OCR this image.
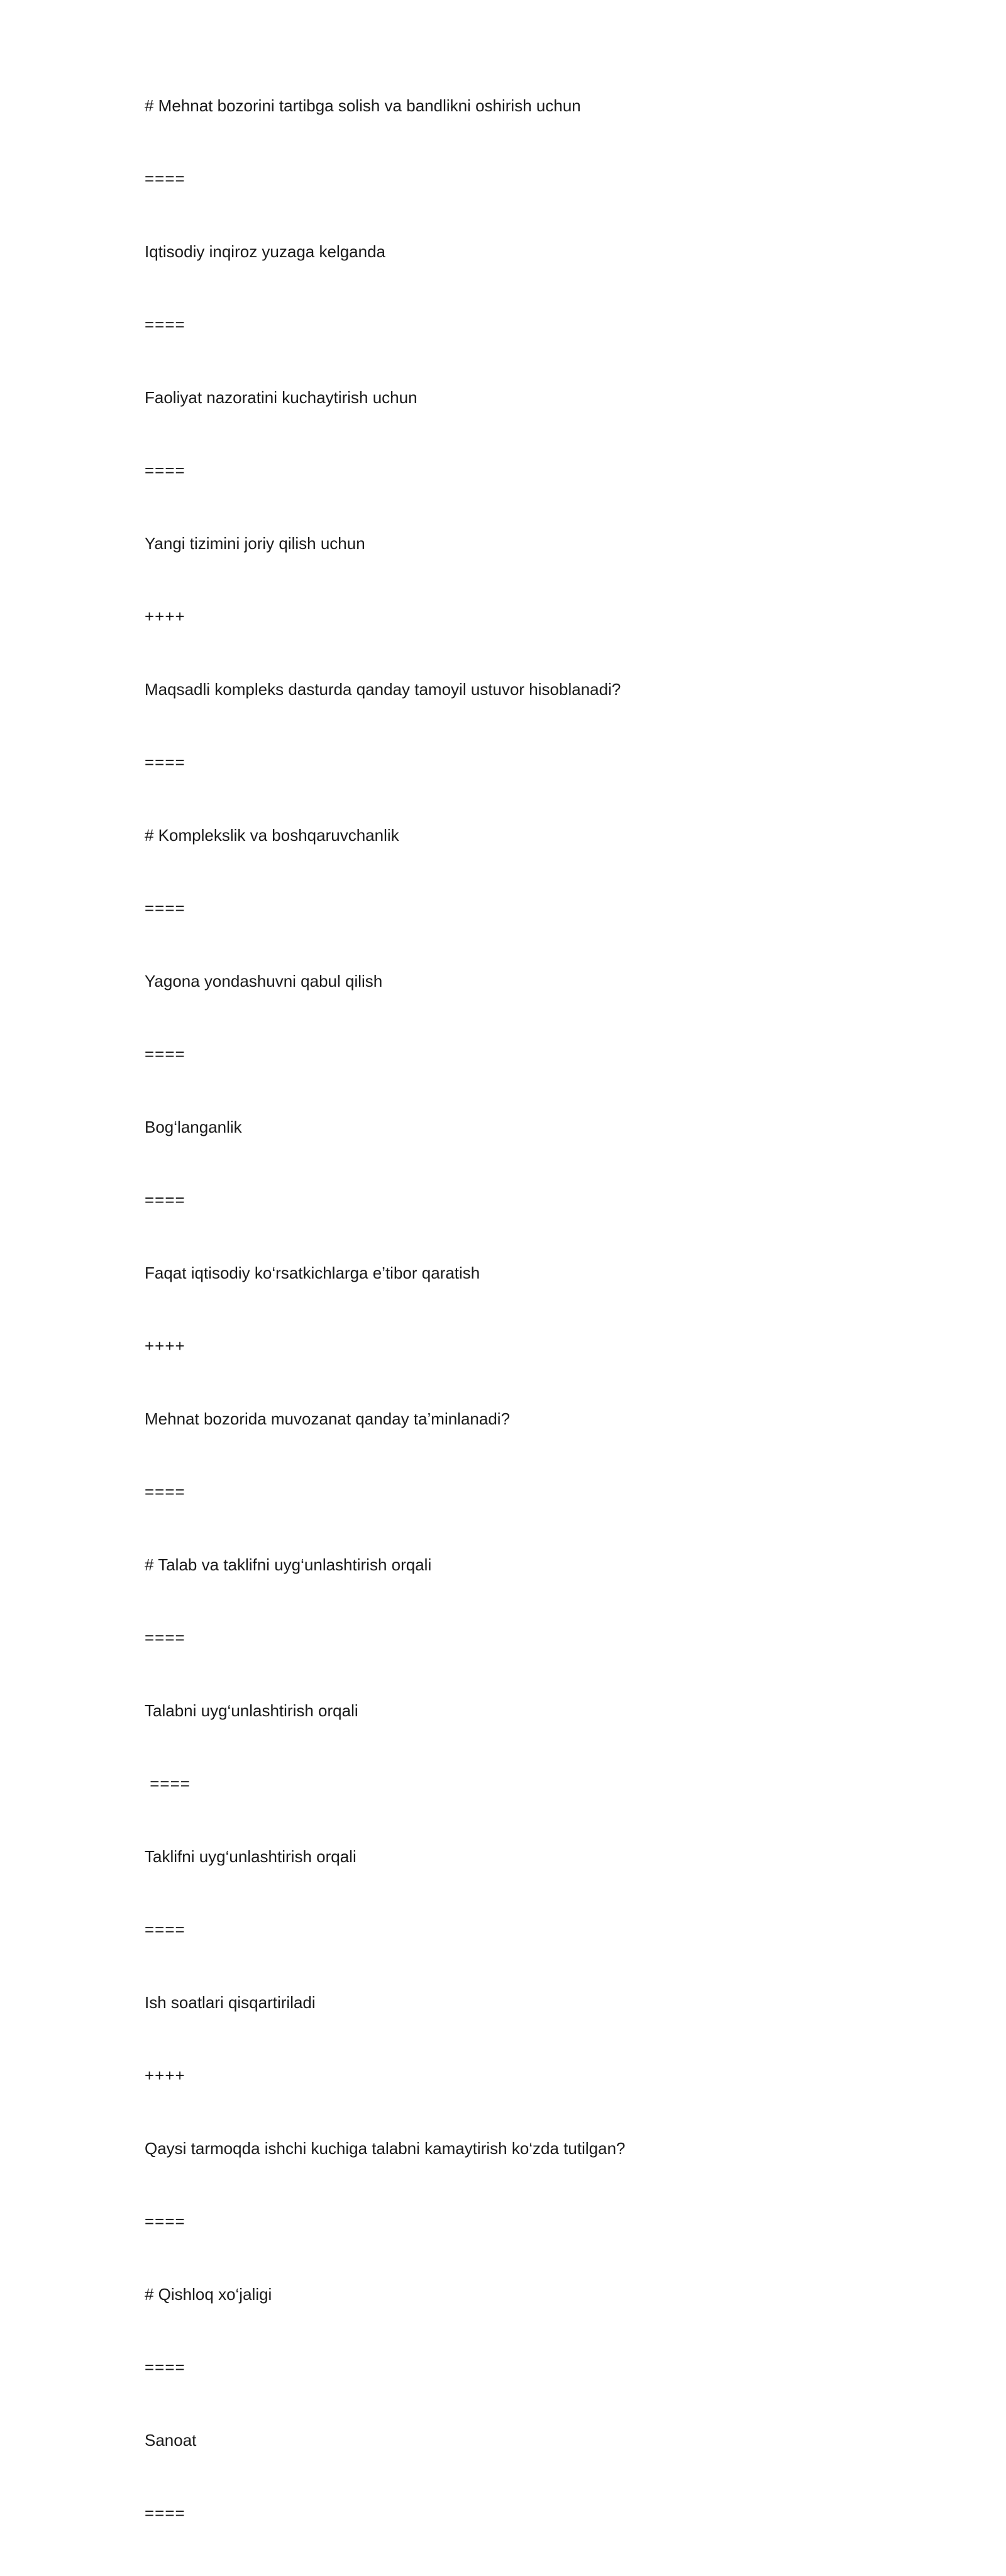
# Mehnat bozorini tartibga solish va bandlikni oshirish uchun
====
Iqtisodiy inqiroz yuzaga kelganda
====
Faoliyat nazoratini kuchaytirish uchun
====
Yangi tizimini joriy qilish uchun
++++
Maqsadli kompleks dasturda qanday tamoyil ustuvor hisoblanadi?
====
# Komplekslik va boshqaruvchanlik
====
Yagona yondashuvni qabul qilish
====
Bog‘langanlik
====
Faqat iqtisodiy ko‘rsatkichlarga e’tibor qaratish
++++
Mehnat bozorida muvozanat qanday ta’minlanadi?
====
# Talab va taklifni uyg‘unlashtirish orqali
====
Talabni uyg‘unlashtirish orqali
====
Taklifni uyg‘unlashtirish orqali
====
Ish soatlari qisqartiriladi
++++
Qaysi tarmoqda ishchi kuchiga talabni kamaytirish ko‘zda tutilgan?
====
# Qishloq xo‘jaligi
====
Sanoat
====
